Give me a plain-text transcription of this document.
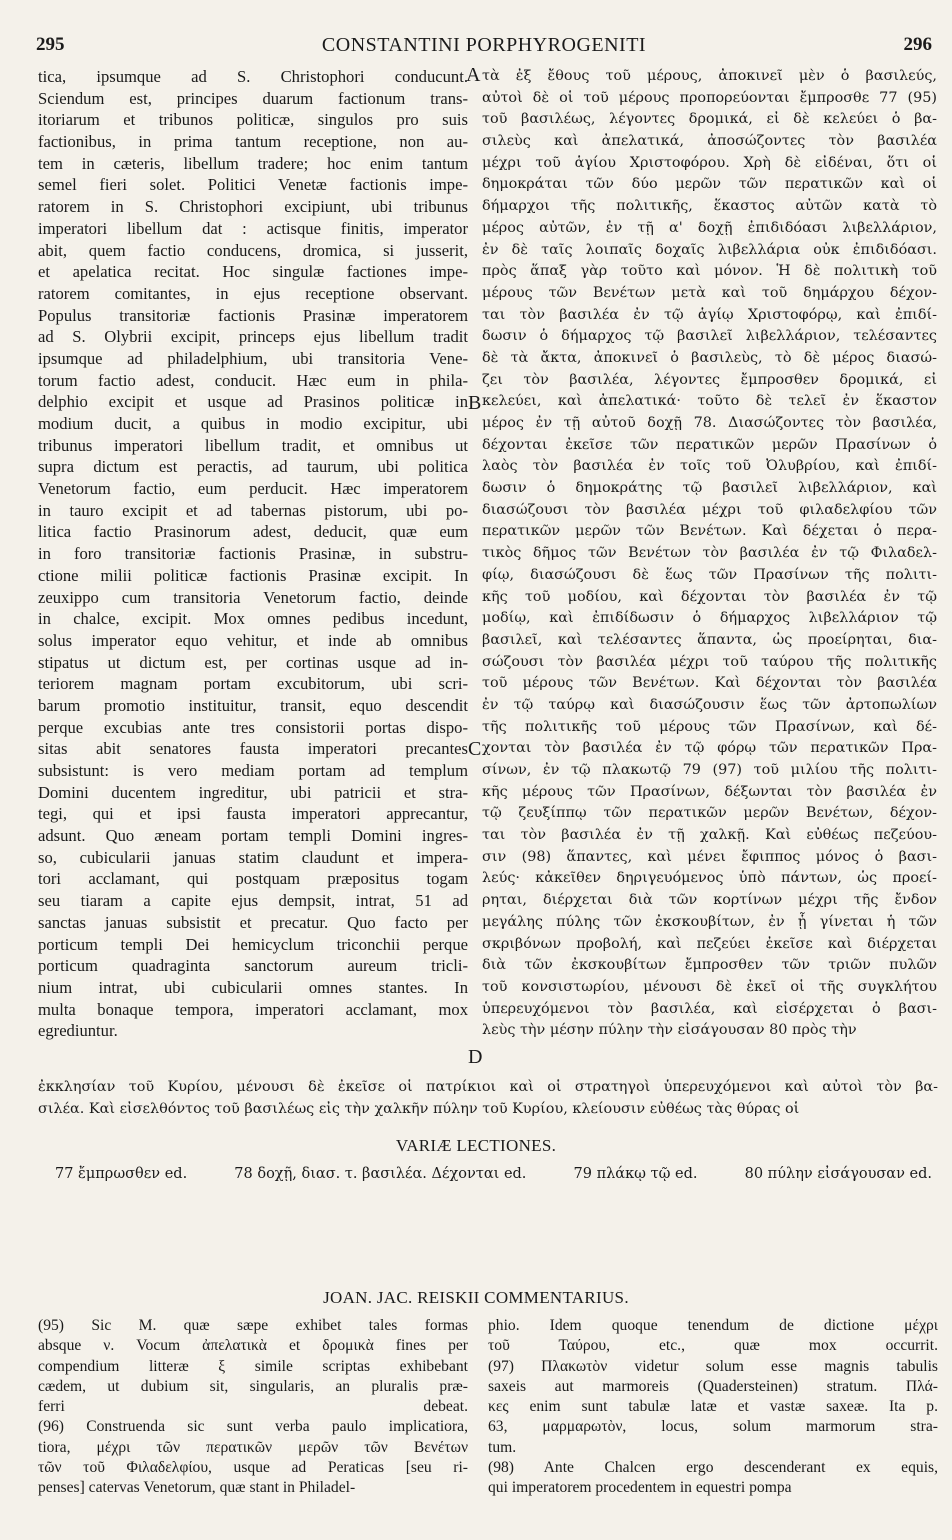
295	CONSTANTINI PORPHYROGENITI	296
tica, ipsumque ad S. Christophori conducunt.
Sciendum est, principes duarum factionum trans-
itoriarum et tribunos politicæ, singulos pro suis
factionibus, in prima tantum receptione, non au-
tem in cæteris, libellum tradere; hoc enim tantum
semel fieri solet. Politici Venetæ factionis impe-
ratorem in S. Christophori excipiunt, ubi tribunus
imperatori libellum dat : actisque finitis, imperator
abit, quem factio conducens, dromica, si jusserit,
et apelatica recitat. Hoc singulæ factiones impe-
ratorem comitantes, in ejus receptione observant.
Populus transitoriæ factionis Prasinæ imperatorem
ad S. Olybrii excipit, princeps ejus libellum tradit
ipsumque ad philadelphium, ubi transitoria Vene-
torum factio adest, conducit. Hæc eum in phila-
delphio excipit et usque ad Prasinos politicæ in
modium ducit, a quibus in modio excipitur, ubi
tribunus imperatori libellum tradit, et omnibus ut
supra dictum est peractis, ad taurum, ubi politica
Venetorum factio, eum perducit. Hæc imperatorem
in tauro excipit et ad tabernas pistorum, ubi po-
litica factio Prasinorum adest, deducit, quæ eum
in foro transitoriæ factionis Prasinæ, in substru-
ctione milii politicæ factionis Prasinæ excipit. In
zeuxippo cum transitoria Venetorum factio, deinde
in chalce, excipit. Mox omnes pedibus incedunt,
solus imperator equo vehitur, et inde ab omnibus
stipatus ut dictum est, per cortinas usque ad in-
teriorem magnam portam excubitorum, ubi scri-
barum promotio instituitur, transit, equo descendit
perque excubias ante tres consistorii portas dispo-
sitas abit senatores fausta imperatori precantes
subsistunt: is vero mediam portam ad templum
Domini ducentem ingreditur, ubi patricii et stra-
tegi, qui et ipsi fausta imperatori apprecantur,
adsunt. Quo æneam portam templi Domini ingres-
so, cubicularii januas statim claudunt et impera-
tori acclamant, qui postquam præpositus togam
seu tiaram a capite ejus dempsit, intrat, 51 ad
sanctas januas subsistit et precatur. Quo facto per
porticum templi Dei hemicyclum triconchii perque
porticum quadraginta sanctorum aureum tricli-
nium intrat, ubi cubicularii omnes stantes. In
multa bonaque tempora, imperatori acclamant, mox
egrediuntur.
τὰ ἐξ ἔθους τοῦ μέρους, ἀποκινεῖ μὲν ὁ βασιλεύς,
αὐτοὶ δὲ οἱ τοῦ μέρους προπορεύονται ἔμπροσθε 77 (95)
τοῦ βασιλέως, λέγοντες δρομικά, εἰ δὲ κελεύει ὁ βα-
σιλεὺς καὶ ἀπελατικά, ἀποσώζοντες τὸν βασιλέα
μέχρι τοῦ ἁγίου Χριστοφόρου. Χρὴ δὲ εἰδέναι, ὅτι οἱ
δημοκράται τῶν δύο μερῶν τῶν περατικῶν καὶ οἱ
δήμαρχοι τῆς πολιτικῆς, ἕκαστος αὐτῶν κατὰ τὸ
μέρος αὐτῶν, ἐν τῇ α' δοχῇ ἐπιδιδόασι λιβελλάριον,
ἐν δὲ ταῖς λοιπαῖς δοχαῖς λιβελλάρια οὐκ ἐπιδιδόασι.
πρὸς ἅπαξ γὰρ τοῦτο καὶ μόνον. Ἡ δὲ πολιτικὴ τοῦ
μέρους τῶν Βενέτων μετὰ καὶ τοῦ δημάρχου δέχον-
ται τὸν βασιλέα ἐν τῷ ἁγίῳ Χριστοφόρῳ, καὶ ἐπιδί-
δωσιν ὁ δήμαρχος τῷ βασιλεῖ λιβελλάριον, τελέσαντες
δὲ τὰ ἄκτα, ἀποκινεῖ ὁ βασιλεὺς, τὸ δὲ μέρος διασώ-
ζει τὸν βασιλέα, λέγοντες ἔμπροσθεν δρομικά, εἰ
κελεύει, καὶ ἀπελατικά· τοῦτο δὲ τελεῖ ἐν ἕκαστον
μέρος ἐν τῇ αὐτοῦ δοχῇ 78. Διασώζοντες τὸν βασιλέα,
δέχονται ἐκεῖσε τῶν περατικῶν μερῶν Πρασίνων ὁ
λαὸς τὸν βασιλέα ἐν τοῖς τοῦ Ὀλυβρίου, καὶ ἐπιδί-
δωσιν ὁ δημοκράτης τῷ βασιλεῖ λιβελλάριον, καὶ
διασώζουσι τὸν βασιλέα μέχρι τοῦ φιλαδελφίου τῶν
περατικῶν μερῶν τῶν Βενέτων. Καὶ δέχεται ὁ περα-
τικὸς δῆμος τῶν Βενέτων τὸν βασιλέα ἐν τῷ Φιλαδελ-
φίῳ, διασώζουσι δὲ ἕως τῶν Πρασίνων τῆς πολιτι-
κῆς τοῦ μοδίου, καὶ δέχονται τὸν βασιλέα ἐν τῷ
μοδίῳ, καὶ ἐπιδίδωσιν ὁ δήμαρχος λιβελλάριον τῷ
βασιλεῖ, καὶ τελέσαντες ἅπαντα, ὡς προείρηται, δια-
σώζουσι τὸν βασιλέα μέχρι τοῦ ταύρου τῆς πολιτικῆς
τοῦ μέρους τῶν Βενέτων. Καὶ δέχονται τὸν βασιλέα
ἐν τῷ ταύρῳ καὶ διασώζουσιν ἕως τῶν ἀρτοπωλίων
τῆς πολιτικῆς τοῦ μέρους τῶν Πρασίνων, καὶ δέ-
χονται τὸν βασιλέα ἐν τῷ φόρῳ τῶν περατικῶν Πρα-
σίνων, ἐν τῷ πλακωτῷ 79 (97) τοῦ μιλίου τῆς πολιτι-
κῆς μέρους τῶν Πρασίνων, δέξωνται τὸν βασιλέα ἐν
τῷ ζευξίππῳ τῶν περατικῶν μερῶν Βενέτων, δέχον-
ται τὸν βασιλέα ἐν τῇ χαλκῇ. Καὶ εὐθέως πεζεύου-
σιν (98) ἅπαντες, καὶ μένει ἔφιππος μόνος ὁ βασι-
λεύς· κἀκεῖθεν δηριγευόμενος ὑπὸ πάντων, ὡς προεί-
ρηται, διέρχεται διὰ τῶν κορτίνων μέχρι τῆς ἔνδον
μεγάλης πύλης τῶν ἐκσκουβίτων, ἐν ᾗ γίνεται ἡ τῶν
σκριβόνων προβολή, καὶ πεζεύει ἐκεῖσε καὶ διέρχεται
διὰ τῶν ἐκσκουβίτων ἔμπροσθεν τῶν τριῶν πυλῶν
τοῦ κονσιστωρίου, μένουσι δὲ ἐκεῖ οἱ τῆς συγκλήτου
ὑπερευχόμενοι τὸν βασιλέα, καὶ εἰσέρχεται ὁ βασι-
λεὺς τὴν μέσην πύλην τὴν εἰσάγουσαν 80 πρὸς τὴν
A
B
C
D
ἐκκλησίαν τοῦ Κυρίου, μένουσι δὲ ἐκεῖσε οἱ πατρίκιοι καὶ οἱ στρατηγοὶ ὑπερευχόμενοι καὶ αὐτοὶ τὸν βα-
σιλέα. Καὶ εἰσελθόντος τοῦ βασιλέως εἰς τὴν χαλκῆν πύλην τοῦ Κυρίου, κλείουσιν εὐθέως τὰς θύρας οἱ
VARIÆ LECTIONES.
77 ἔμπρωσθεν ed.	78 δοχῇ, διασ. τ. βασιλέα. Δέχονται ed.	79 πλάκῳ τῷ ed.	80 πύλην εἰσάγουσαν ed.
JOAN. JAC. REISKII COMMENTARIUS.
(95) Sic M. quæ sæpe exhibet tales formas
absque ν. Vocum ἀπελατικὰ et δρομικὰ fines per
compendium litteræ ξ simile scriptas exhibebant
cædem, ut dubium sit, singularis, an pluralis præ-
ferri debeat.
(96) Construenda sic sunt verba paulo implicatiora,
tiora, μέχρι τῶν περατικῶν μερῶν τῶν Βενέτων
τῶν τοῦ Φιλαδελφίου, usque ad Peraticas [seu ri-
penses] catervas Venetorum, quæ stant in Philadel-
phio. Idem quoque tenendum de dictione μέχρι
τοῦ Ταύρου, etc., quæ mox occurrit.
(97) Πλακωτὸν videtur solum esse magnis tabulis
saxeis aut marmoreis (Quadersteinen) stratum. Πλά-
κες enim sunt tabulæ latæ et vastæ saxeæ. Ita p.
63, μαρμαρωτὸν, locus, solum marmorum stra-
tum.
(98) Ante Chalcen ergo descenderant ex equis,
qui imperatorem procedentem in equestri pompa
